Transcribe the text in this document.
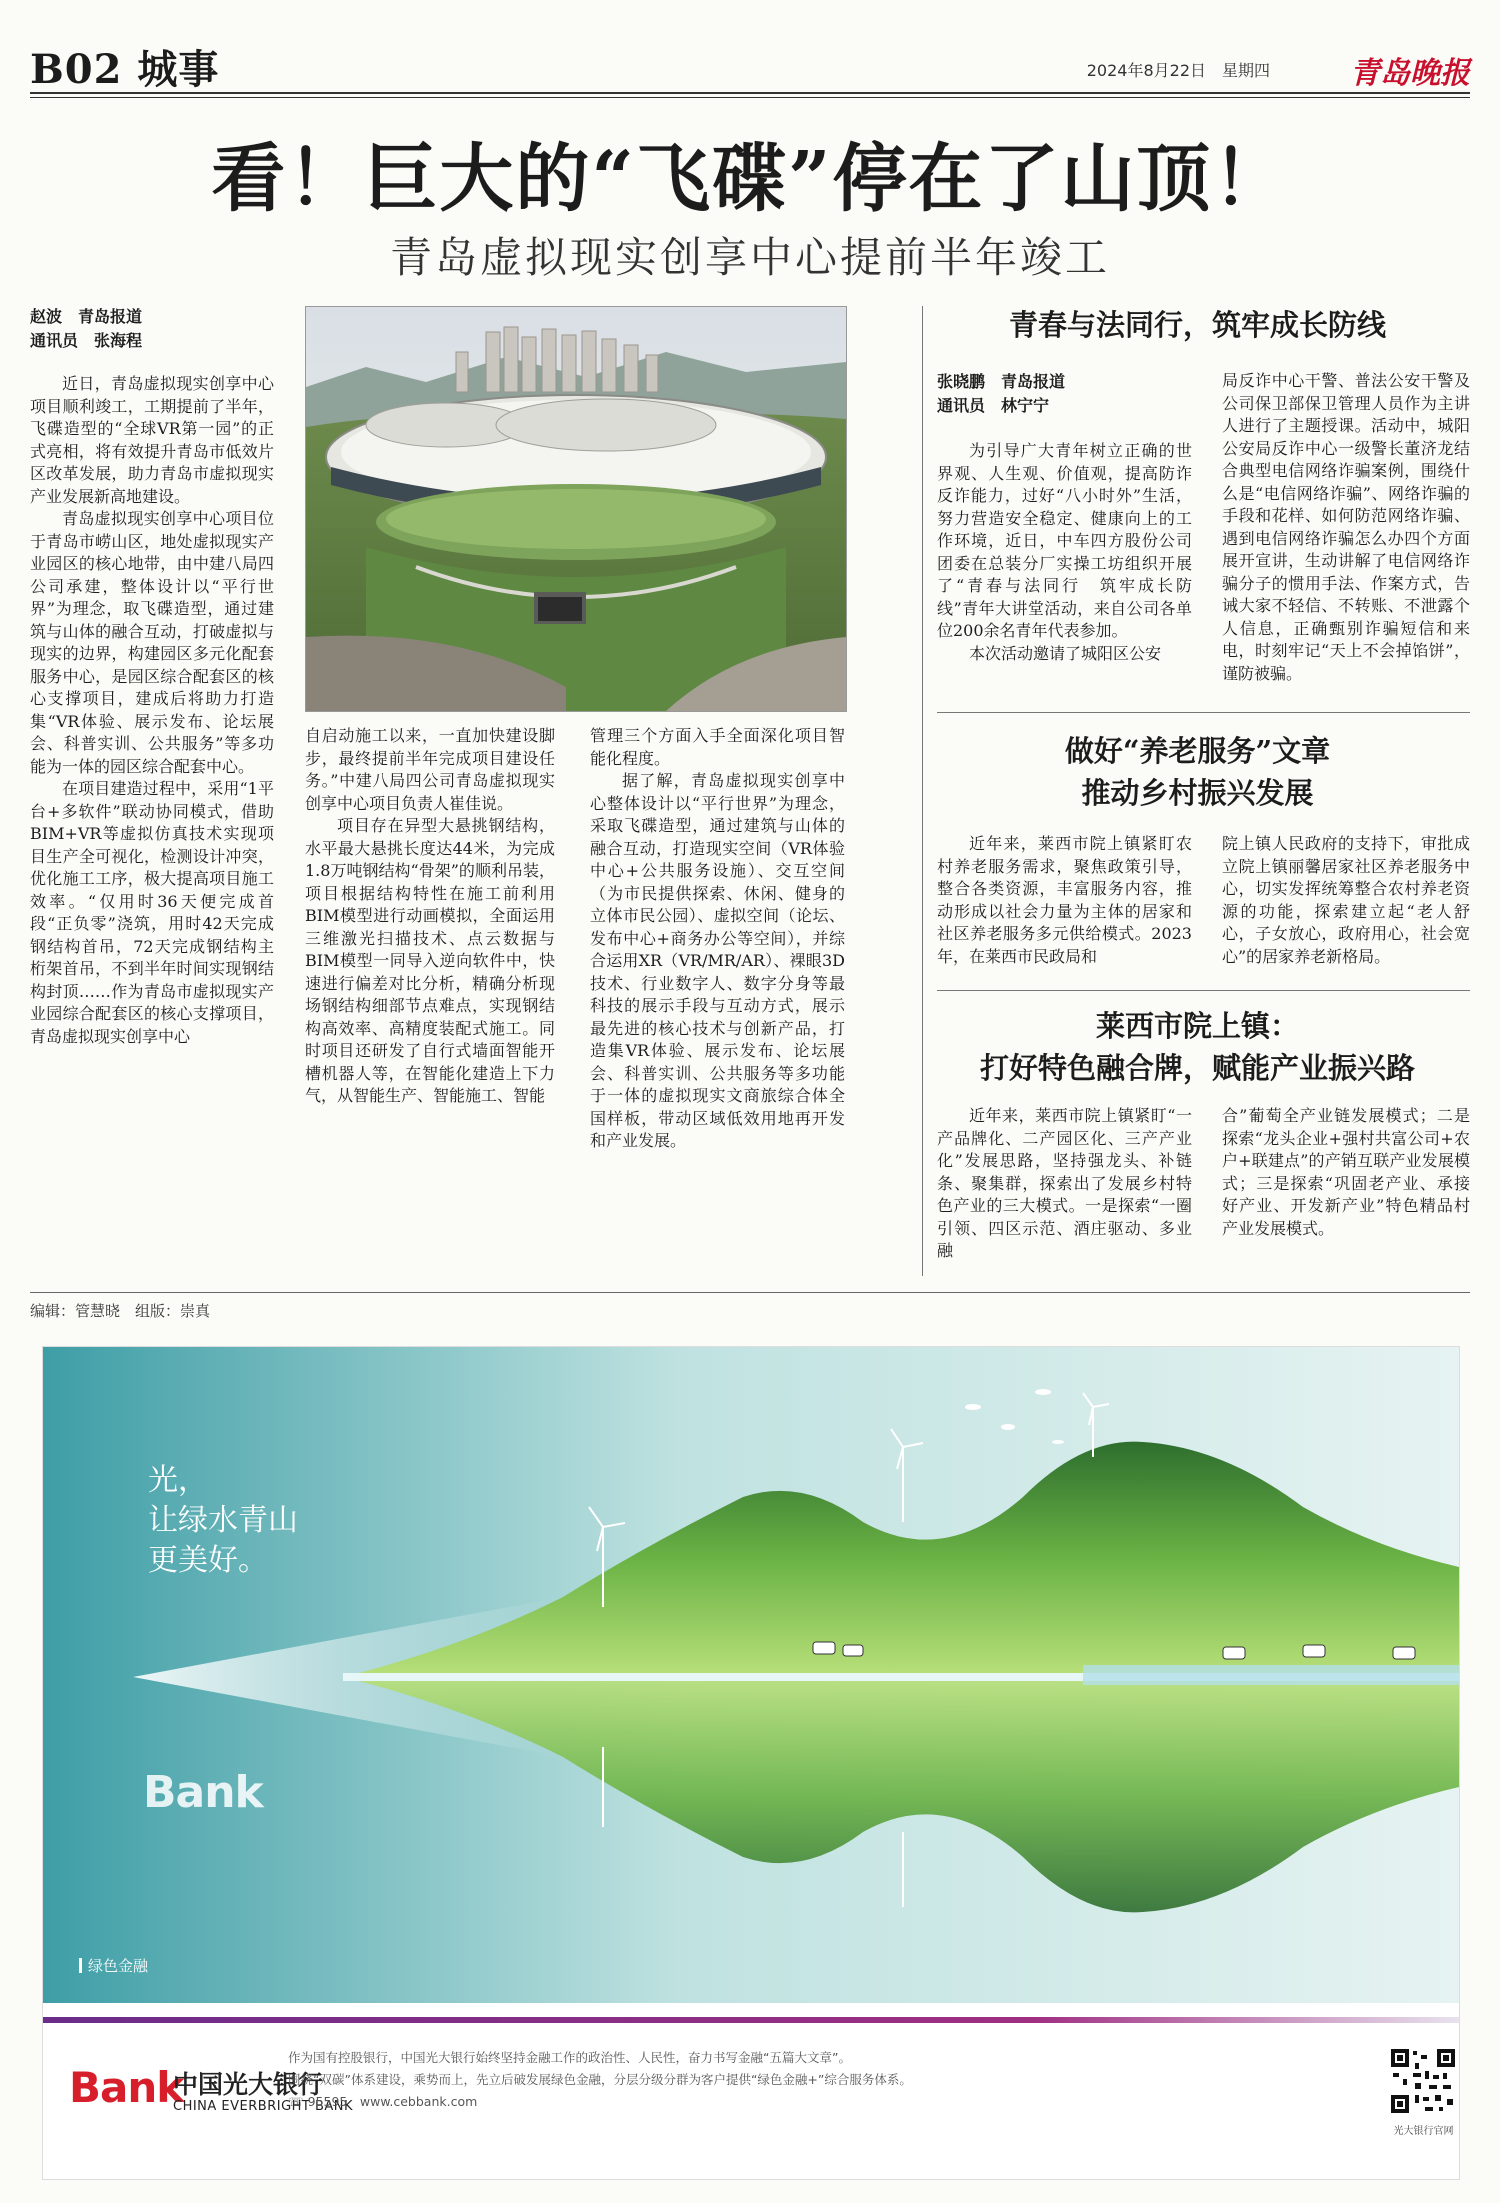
B02 城事	2024年8月22日　星期四	青岛晚报
看！巨大的“飞碟”停在了山顶！
青岛虚拟现实创享中心提前半年竣工
赵波　青岛报道
通讯员　张海程

近日，青岛虚拟现实创享中心项目顺利竣工，工期提前了半年，飞碟造型的“全球VR第一园”的正式亮相，将有效提升青岛市低效片区改革发展，助力青岛市虚拟现实产业发展新高地建设。

青岛虚拟现实创享中心项目位于青岛市崂山区，地处虚拟现实产业园区的核心地带，由中建八局四公司承建，整体设计以“平行世界”为理念，取飞碟造型，通过建筑与山体的融合互动，打破虚拟与现实的边界，构建园区多元化配套服务中心，是园区综合配套区的核心支撑项目，建成后将助力打造集“VR体验、展示发布、论坛展会、科普实训、公共服务”等多功能为一体的园区综合配套中心。

在项目建造过程中，采用“1平台+多软件”联动协同模式，借助BIM+VR等虚拟仿真技术实现项目生产全可视化，检测设计冲突，优化施工工序，极大提高项目施工效率。“仅用时36天便完成首段“正负零”浇筑，用时42天完成钢结构首吊，72天完成钢结构主桁架首吊，不到半年时间实现钢结构封顶……作为青岛市虚拟现实产业园综合配套区的核心支撑项目，青岛虚拟现实创享中心

自启动施工以来，一直加快建设脚步，最终提前半年完成项目建设任务。”中建八局四公司青岛虚拟现实创享中心项目负责人崔佳说。

项目存在异型大悬挑钢结构，水平最大悬挑长度达44米，为完成1.8万吨钢结构“骨架”的顺利吊装，项目根据结构特性在施工前利用BIM模型进行动画模拟，全面运用三维激光扫描技术、点云数据与BIM模型一同导入逆向软件中，快速进行偏差对比分析，精确分析现场钢结构细部节点难点，实现钢结构高效率、高精度装配式施工。同时项目还研发了自行式墙面智能开槽机器人等，在智能化建造上下力气，从智能生产、智能施工、智能

管理三个方面入手全面深化项目智能化程度。

据了解，青岛虚拟现实创享中心整体设计以“平行世界”为理念，采取飞碟造型，通过建筑与山体的融合互动，打造现实空间（VR体验中心+公共服务设施）、交互空间（为市民提供探索、休闲、健身的立体市民公园）、虚拟空间（论坛、发布中心+商务办公等空间），并综合运用XR（VR/MR/AR）、裸眼3D技术、行业数字人、数字分身等最科技的展示手段与互动方式，展示最先进的核心技术与创新产品，打造集VR体验、展示发布、论坛展会、科普实训、公共服务等多功能于一体的虚拟现实文商旅综合体全国样板，带动区域低效用地再开发和产业发展。

青春与法同行，筑牢成长防线
张晓鹏　青岛报道
通讯员　林宁宁

为引导广大青年树立正确的世界观、人生观、价值观，提高防诈反诈能力，过好“八小时外”生活，努力营造安全稳定、健康向上的工作环境，近日，中车四方股份公司团委在总装分厂实操工坊组织开展了“青春与法同行　筑牢成长防线”青年大讲堂活动，来自公司各单位200余名青年代表参加。

本次活动邀请了城阳区公安

局反诈中心干警、普法公安干警及公司保卫部保卫管理人员作为主讲人进行了主题授课。活动中，城阳公安局反诈中心一级警长董济龙结合典型电信网络诈骗案例，围绕什么是“电信网络诈骗”、网络诈骗的手段和花样、如何防范网络诈骗、遇到电信网络诈骗怎么办四个方面展开宣讲，生动讲解了电信网络诈骗分子的惯用手法、作案方式，告诫大家不轻信、不转账、不泄露个人信息，正确甄别诈骗短信和来电，时刻牢记“天上不会掉馅饼”，谨防被骗。

做好“养老服务”文章
推动乡村振兴发展

近年来，莱西市院上镇紧盯农村养老服务需求，聚焦政策引导，整合各类资源，丰富服务内容，推动形成以社会力量为主体的居家和社区养老服务多元供给模式。2023年，在莱西市民政局和

院上镇人民政府的支持下，审批成立院上镇丽馨居家社区养老服务中心，切实发挥统筹整合农村养老资源的功能，探索建立起“老人舒心，子女放心，政府用心，社会宽心”的居家养老新格局。

莱西市院上镇：
打好特色融合牌，赋能产业振兴路

近年来，莱西市院上镇紧盯“一产品牌化、二产园区化、三产产业化”发展思路，坚持强龙头、补链条、聚集群，探索出了发展乡村特色产业的三大模式。一是探索“一圈引领、四区示范、酒庄驱动、多业融

合”葡萄全产业链发展模式；二是探索“龙头企业+强村共富公司+农户+联建点”的产销互联产业发展模式；三是探索“巩固老产业、承接好产业、开发新产业”特色精品村产业发展模式。

编辑：管慧晓　组版：崇真
光，
让绿水青山
更美好。
Bank
绿色金融
Bank
中国光大银行
CHINA EVERBRIGHT BANK
作为国有控股银行，中国光大银行始终坚持金融工作的政治性、人民性，奋力书写金融“五篇大文章”。
围绕“双碳”体系建设，乘势而上，先立后破发展绿色金融，分层分级分群为客户提供“绿色金融+”综合服务体系。
☏ 95595　www.cebbank.com
光大银行官网
